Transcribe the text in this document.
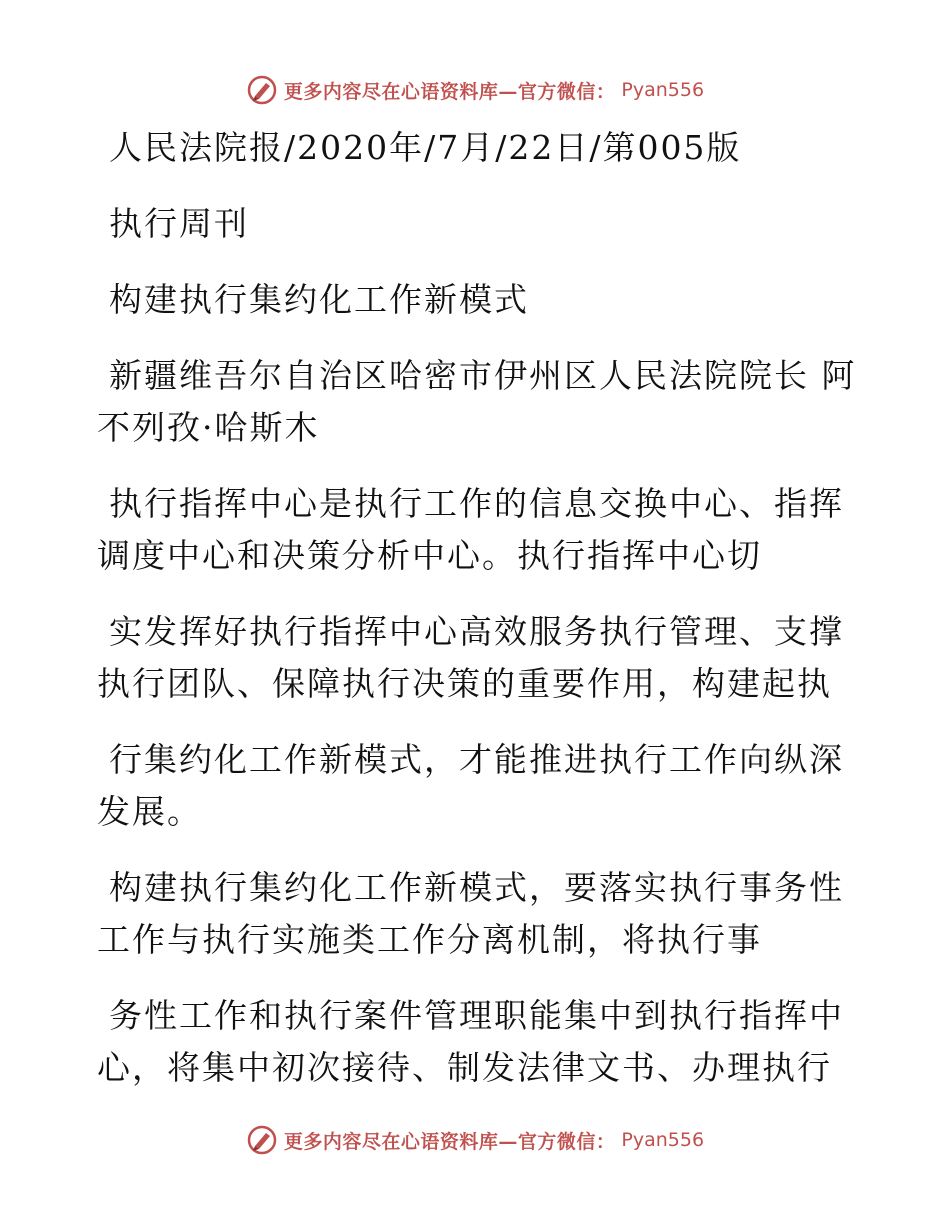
更多内容尽在心语资料库—官方微信： Pyan556

人民法院报/2020年/7月/22日/第005版

执行周刊

构建执行集约化工作新模式

新疆维吾尔自治区哈密市伊州区人民法院院长 阿
不列孜·哈斯木

执行指挥中心是执行工作的信息交换中心、指挥
调度中心和决策分析中心。执行指挥中心切

实发挥好执行指挥中心高效服务执行管理、支撑
执行团队、保障执行决策的重要作用，构建起执

行集约化工作新模式，才能推进执行工作向纵深
发展。

构建执行集约化工作新模式，要落实执行事务性
工作与执行实施类工作分离机制，将执行事

务性工作和执行案件管理职能集中到执行指挥中
心，将集中初次接待、制发法律文书、办理执行

更多内容尽在心语资料库—官方微信： Pyan556
